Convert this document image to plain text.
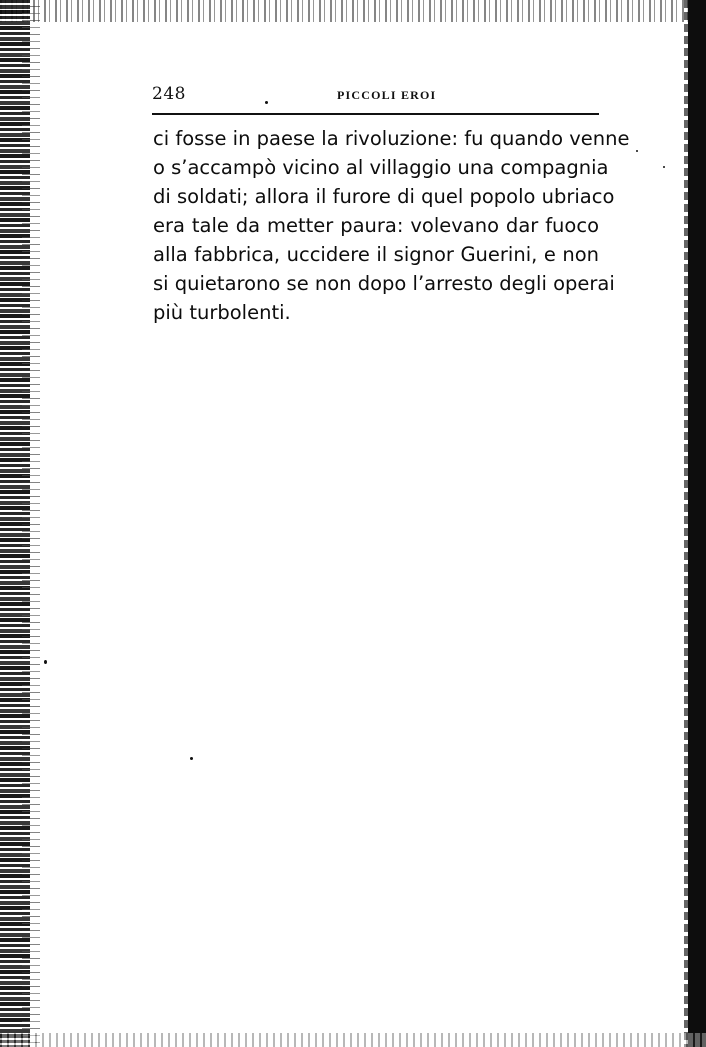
248	PICCOLI EROI
ci fosse in paese la rivoluzione: fu quando venne
o s’accampò vicino al villaggio una compagnia
di soldati; allora il furore di quel popolo ubriaco
era tale da metter paura: volevano dar fuoco
alla fabbrica, uccidere il signor Guerini, e non
si quietarono se non dopo l’arresto degli operai
più turbolenti.
